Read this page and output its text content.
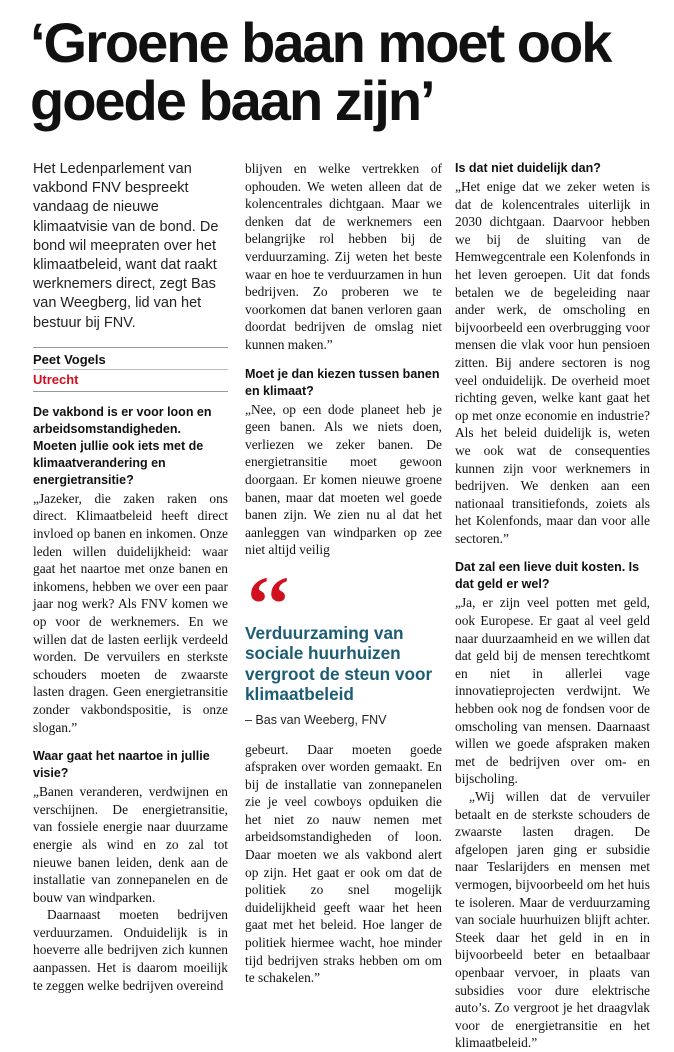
‘Groene baan moet ook goede baan zijn’

Het Ledenparlement van vakbond FNV bespreekt vandaag de nieuwe klimaatvisie van de bond. De bond wil meepraten over het klimaatbeleid, want dat raakt werknemers direct, zegt Bas van Weegberg, lid van het bestuur bij FNV.

Peet Vogels
Utrecht
De vakbond is er voor loon en arbeidsomstandigheden. Moeten jullie ook iets met de klimaatverandering en energietransitie?

„Jazeker, die zaken raken ons direct. Klimaatbeleid heeft direct invloed op banen en inkomen. Onze leden willen duidelijkheid: waar gaat het naartoe met onze banen en inkomens, hebben we over een paar jaar nog werk? Als FNV komen we op voor de werknemers. En we willen dat de lasten eerlijk verdeeld worden. De vervuilers en sterkste schouders moeten de zwaarste lasten dragen. Geen energietransitie zonder vakbondspositie, is onze slogan.”

Waar gaat het naartoe in jullie visie?

„Banen veranderen, verdwijnen en verschijnen. De energietransitie, van fossiele energie naar duurzame energie als wind en zo zal tot nieuwe banen leiden, denk aan de installatie van zonnepanelen en de bouw van windparken.

Daarnaast moeten bedrijven verduurzamen. Onduidelijk is in hoeverre alle bedrijven zich kunnen aanpassen. Het is daarom moeilijk te zeggen welke bedrijven overeind

blijven en welke vertrekken of ophouden. We weten alleen dat de kolencentrales dichtgaan. Maar we denken dat de werknemers een belangrijke rol hebben bij de verduurzaming. Zij weten het beste waar en hoe te verduurzamen in hun bedrijven. Zo proberen we te voorkomen dat banen verloren gaan doordat bedrijven de omslag niet kunnen maken.”

Moet je dan kiezen tussen banen en klimaat?

„Nee, op een dode planeet heb je geen banen. Als we niets doen, verliezen we zeker banen. De energietransitie moet gewoon doorgaan. Er komen nieuwe groene banen, maar dat moeten wel goede banen zijn. We zien nu al dat het aanleggen van windparken op zee niet altijd veilig

‘‘
Verduurzaming van sociale huurhuizen vergroot de steun voor klimaatbeleid
– Bas van Weeberg, FNV

gebeurt. Daar moeten goede afspraken over worden gemaakt. En bij de installatie van zonnepanelen zie je veel cowboys opduiken die het niet zo nauw nemen met arbeidsomstandigheden of loon. Daar moeten we als vakbond alert op zijn. Het gaat er ook om dat de politiek zo snel mogelijk duidelijkheid geeft waar het heen gaat met het beleid. Hoe langer de politiek hiermee wacht, hoe minder tijd bedrijven straks hebben om om te schakelen.”

Is dat niet duidelijk dan?

„Het enige dat we zeker weten is dat de kolencentrales uiterlijk in 2030 dichtgaan. Daarvoor hebben we bij de sluiting van de Hemwegcentrale een Kolenfonds in het leven geroepen. Uit dat fonds betalen we de begeleiding naar ander werk, de omscholing en bijvoorbeeld een overbrugging voor mensen die vlak voor hun pensioen zitten. Bij andere sectoren is nog veel onduidelijk. De overheid moet richting geven, welke kant gaat het op met onze economie en industrie? Als het beleid duidelijk is, weten we ook wat de consequenties kunnen zijn voor werknemers in bedrijven. We denken aan een nationaal transitiefonds, zoiets als het Kolenfonds, maar dan voor alle sectoren.”

Dat zal een lieve duit kosten. Is dat geld er wel?

„Ja, er zijn veel potten met geld, ook Europese. Er gaat al veel geld naar duurzaamheid en we willen dat dat geld bij de mensen terechtkomt en niet in allerlei vage innovatieprojecten verdwijnt. We hebben ook nog de fondsen voor de omscholing van mensen. Daarnaast willen we goede afspraken maken met de bedrijven over om- en bijscholing.

„Wij willen dat de vervuiler betaalt en de sterkste schouders de zwaarste lasten dragen. De afgelopen jaren ging er subsidie naar Teslarijders en mensen met vermogen, bijvoorbeeld om het huis te isoleren. Maar de verduurzaming van sociale huurhuizen blijft achter. Steek daar het geld in en in bijvoorbeeld beter en betaalbaar openbaar vervoer, in plaats van subsidies voor dure elektrische auto’s. Zo vergroot je het draagvlak voor de energietransitie en het klimaatbeleid.”
